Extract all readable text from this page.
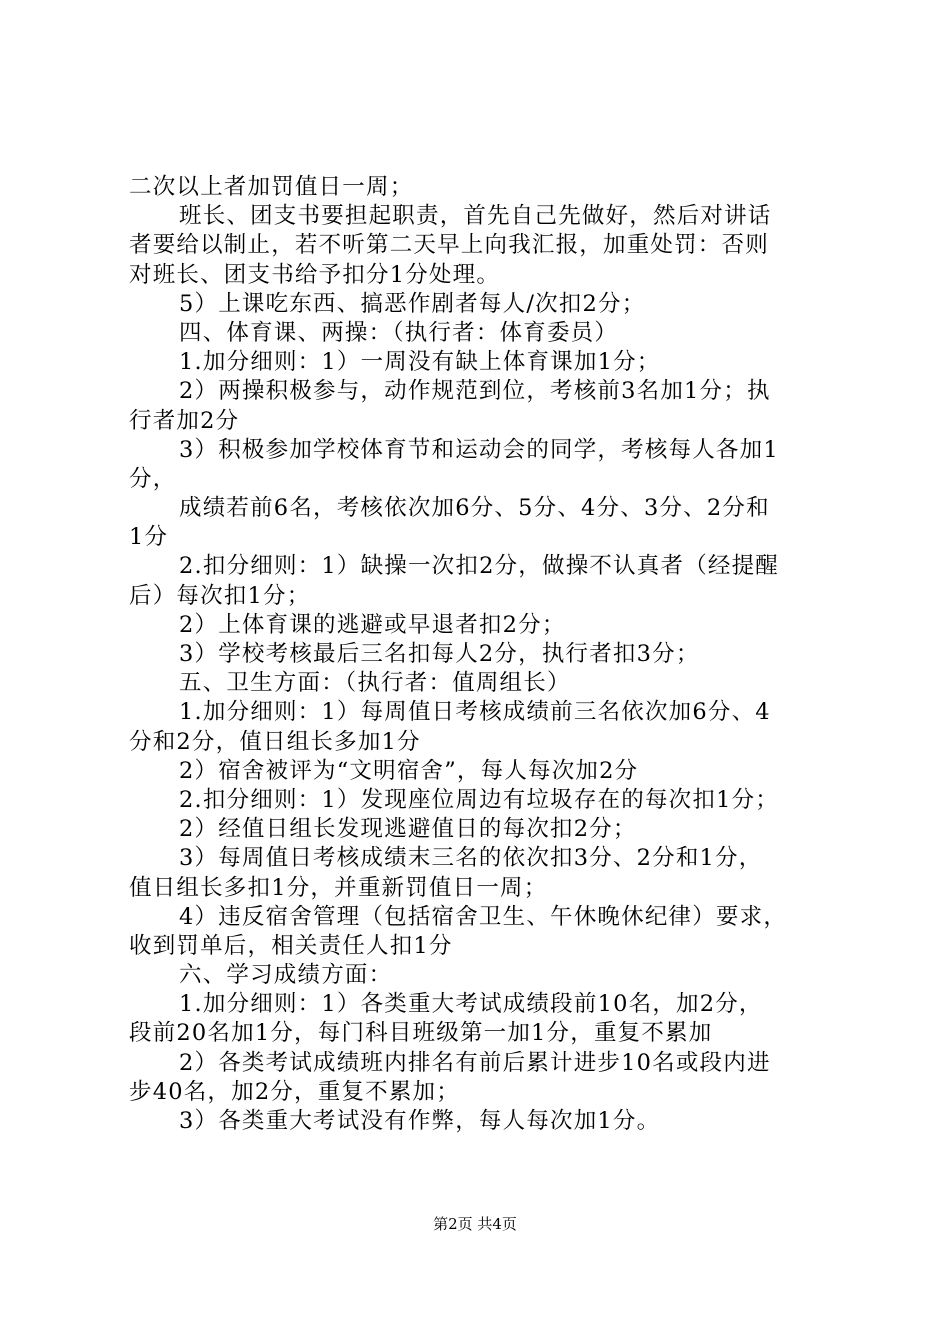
二次以上者加罚值日一周；
班长、团支书要担起职责，首先自己先做好，然后对讲话
者要给以制止，若不听第二天早上向我汇报，加重处罚：否则
对班长、团支书给予扣分1分处理。
5）上课吃东西、搞恶作剧者每人/次扣2分；
四、体育课、两操：（执行者：体育委员）
1.加分细则：1）一周没有缺上体育课加1分；
2）两操积极参与，动作规范到位，考核前3名加1分；执
行者加2分
3）积极参加学校体育节和运动会的同学，考核每人各加1
分，
成绩若前6名，考核依次加6分、5分、4分、3分、2分和
1分
2.扣分细则：1）缺操一次扣2分，做操不认真者（经提醒
后）每次扣1分；
2）上体育课的逃避或早退者扣2分；
3）学校考核最后三名扣每人2分，执行者扣3分；
五、卫生方面：（执行者：值周组长）
1.加分细则：1）每周值日考核成绩前三名依次加6分、4
分和2分，值日组长多加1分
2）宿舍被评为“文明宿舍”，每人每次加2分
2.扣分细则：1）发现座位周边有垃圾存在的每次扣1分；
2）经值日组长发现逃避值日的每次扣2分；
3）每周值日考核成绩末三名的依次扣3分、2分和1分，
值日组长多扣1分，并重新罚值日一周；
4）违反宿舍管理（包括宿舍卫生、午休晚休纪律）要求，
收到罚单后，相关责任人扣1分
六、学习成绩方面：
1.加分细则：1）各类重大考试成绩段前10名，加2分，
段前20名加1分，每门科目班级第一加1分，重复不累加
2）各类考试成绩班内排名有前后累计进步10名或段内进
步40名，加2分，重复不累加；
3）各类重大考试没有作弊，每人每次加1分。
第2页 共4页
